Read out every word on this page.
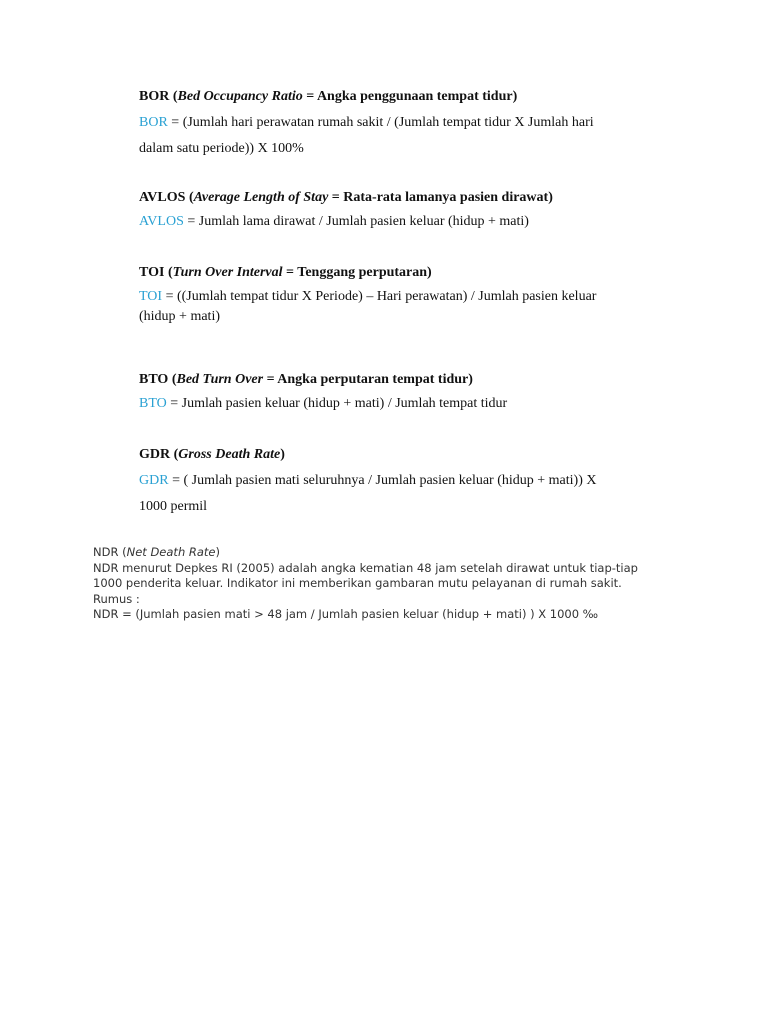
BOR (Bed Occupancy Ratio = Angka penggunaan tempat tidur)

BOR = (Jumlah hari perawatan rumah sakit / (Jumlah tempat tidur X Jumlah hari
dalam satu periode)) X 100%

AVLOS (Average Length of Stay = Rata-rata lamanya pasien dirawat)

AVLOS = Jumlah lama dirawat / Jumlah pasien keluar (hidup + mati)

TOI (Turn Over Interval = Tenggang perputaran)

TOI = ((Jumlah tempat tidur X Periode) – Hari perawatan) / Jumlah pasien keluar
(hidup + mati)

BTO (Bed Turn Over = Angka perputaran tempat tidur)

BTO = Jumlah pasien keluar (hidup + mati) / Jumlah tempat tidur

GDR (Gross Death Rate)

GDR = ( Jumlah pasien mati seluruhnya / Jumlah pasien keluar (hidup + mati)) X
1000 permil

NDR (Net Death Rate)
NDR menurut Depkes RI (2005) adalah angka kematian 48 jam setelah dirawat untuk tiap-tiap
1000 penderita keluar. Indikator ini memberikan gambaran mutu pelayanan di rumah sakit.
Rumus :
NDR = (Jumlah pasien mati > 48 jam / Jumlah pasien keluar (hidup + mati) ) X 1000 ‰
